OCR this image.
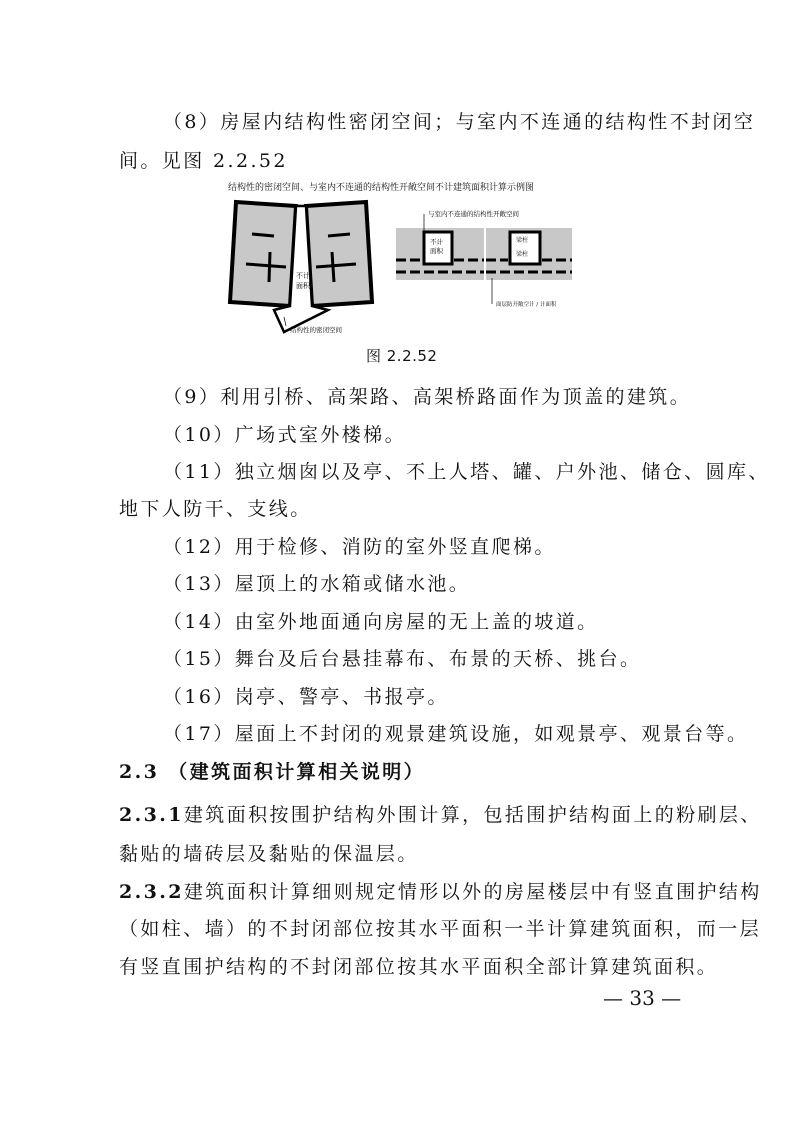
（8）房屋内结构性密闭空间；与室内不连通的结构性不封闭空
间。见图 2.2.52
结构性的密闭空间、与室内不连通的结构性开敞空间不计建筑面积计算示例图
不计
面积
结构性的密闭空间
不计
面积
与室内不连通的结构性开敞空间
梁柱
梁柱
面层防开敞空计 / 计面积
图 2.2.52
（9）利用引桥、高架路、高架桥路面作为顶盖的建筑。
（10）广场式室外楼梯。
（11）独立烟囱以及亭、不上人塔、罐、户外池、储仓、圆库、
地下人防干、支线。
（12）用于检修、消防的室外竖直爬梯。
（13）屋顶上的水箱或储水池。
（14）由室外地面通向房屋的无上盖的坡道。
（15）舞台及后台悬挂幕布、布景的天桥、挑台。
（16）岗亭、警亭、书报亭。
（17）屋面上不封闭的观景建筑设施，如观景亭、观景台等。
2.3 （建筑面积计算相关说明）
2.3.1建筑面积按围护结构外围计算，包括围护结构面上的粉刷层、
黏贴的墙砖层及黏贴的保温层。
2.3.2建筑面积计算细则规定情形以外的房屋楼层中有竖直围护结构
（如柱、墙）的不封闭部位按其水平面积一半计算建筑面积，而一层
有竖直围护结构的不封闭部位按其水平面积全部计算建筑面积。
— 33 —
